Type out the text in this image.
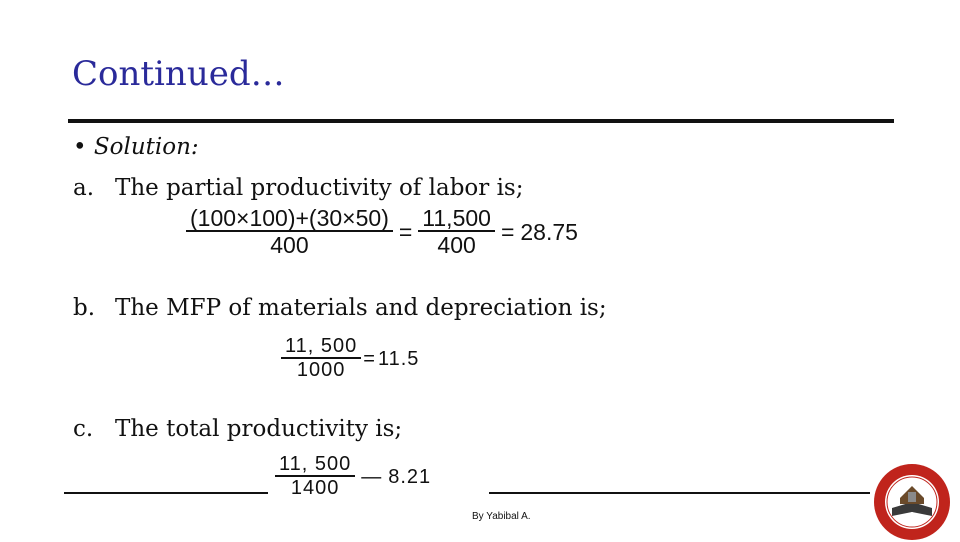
Continued…
• Solution:
a. The partial productivity of labor is;
$\frac{(100\times 100)+(30\times 50)}{400} = \frac{11,500}{400} = 28.75$
b. The MFP of materials and depreciation is;
$\frac{11, 500}{1000} = 11.5$
c. The total productivity is;
$\frac{11, 500}{1400}$ — 8.21
By Yabibal A.
